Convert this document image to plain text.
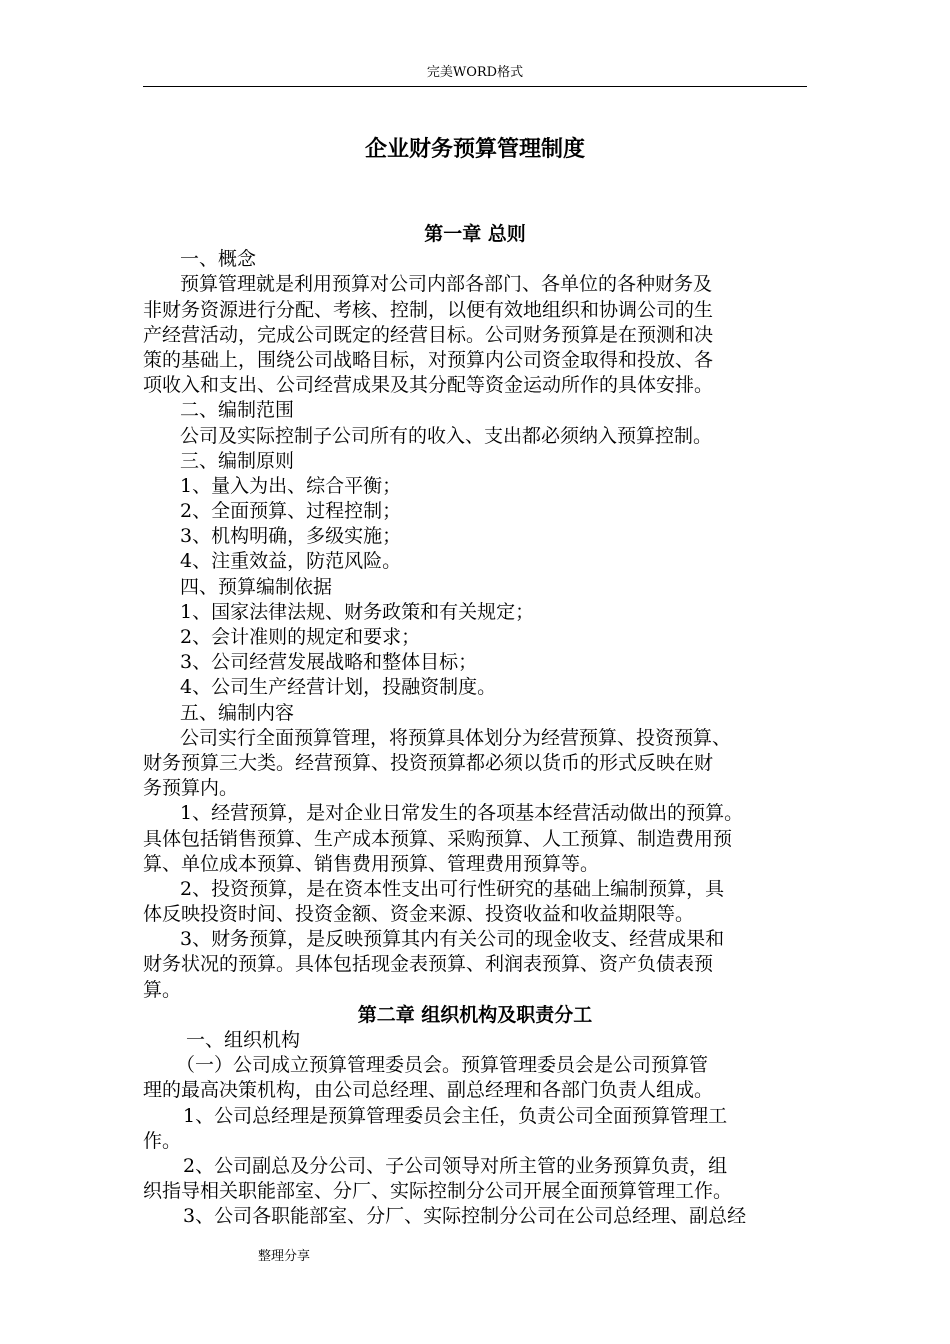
完美WORD格式
企业财务预算管理制度
第一章 总则
一、概念
预算管理就是利用预算对公司内部各部门、各单位的各种财务及
非财务资源进行分配、考核、控制，以便有效地组织和协调公司的生
产经营活动，完成公司既定的经营目标。公司财务预算是在预测和决
策的基础上，围绕公司战略目标，对预算内公司资金取得和投放、各
项收入和支出、公司经营成果及其分配等资金运动所作的具体安排。
二、编制范围
公司及实际控制子公司所有的收入、支出都必须纳入预算控制。
三、编制原则
1、量入为出、综合平衡；
2、全面预算、过程控制；
3、机构明确，多级实施；
4、注重效益，防范风险。
四、预算编制依据
1、国家法律法规、财务政策和有关规定；
2、会计准则的规定和要求；
3、公司经营发展战略和整体目标；
4、公司生产经营计划，投融资制度。
五、编制内容
公司实行全面预算管理，将预算具体划分为经营预算、投资预算、
财务预算三大类。经营预算、投资预算都必须以货币的形式反映在财
务预算内。
1、经营预算，是对企业日常发生的各项基本经营活动做出的预算。
具体包括销售预算、生产成本预算、采购预算、人工预算、制造费用预
算、单位成本预算、销售费用预算、管理费用预算等。
2、投资预算，是在资本性支出可行性研究的基础上编制预算，具
体反映投资时间、投资金额、资金来源、投资收益和收益期限等。
3、财务预算，是反映预算其内有关公司的现金收支、经营成果和
财务状况的预算。具体包括现金表预算、利润表预算、资产负债表预
算。
第二章 组织机构及职责分工
一、组织机构
（一）公司成立预算管理委员会。预算管理委员会是公司预算管
理的最高决策机构，由公司总经理、副总经理和各部门负责人组成。
1、公司总经理是预算管理委员会主任，负责公司全面预算管理工
作。
2、公司副总及分公司、子公司领导对所主管的业务预算负责，组
织指导相关职能部室、分厂、实际控制分公司开展全面预算管理工作。
3、公司各职能部室、分厂、实际控制分公司在公司总经理、副总经
整理分享
